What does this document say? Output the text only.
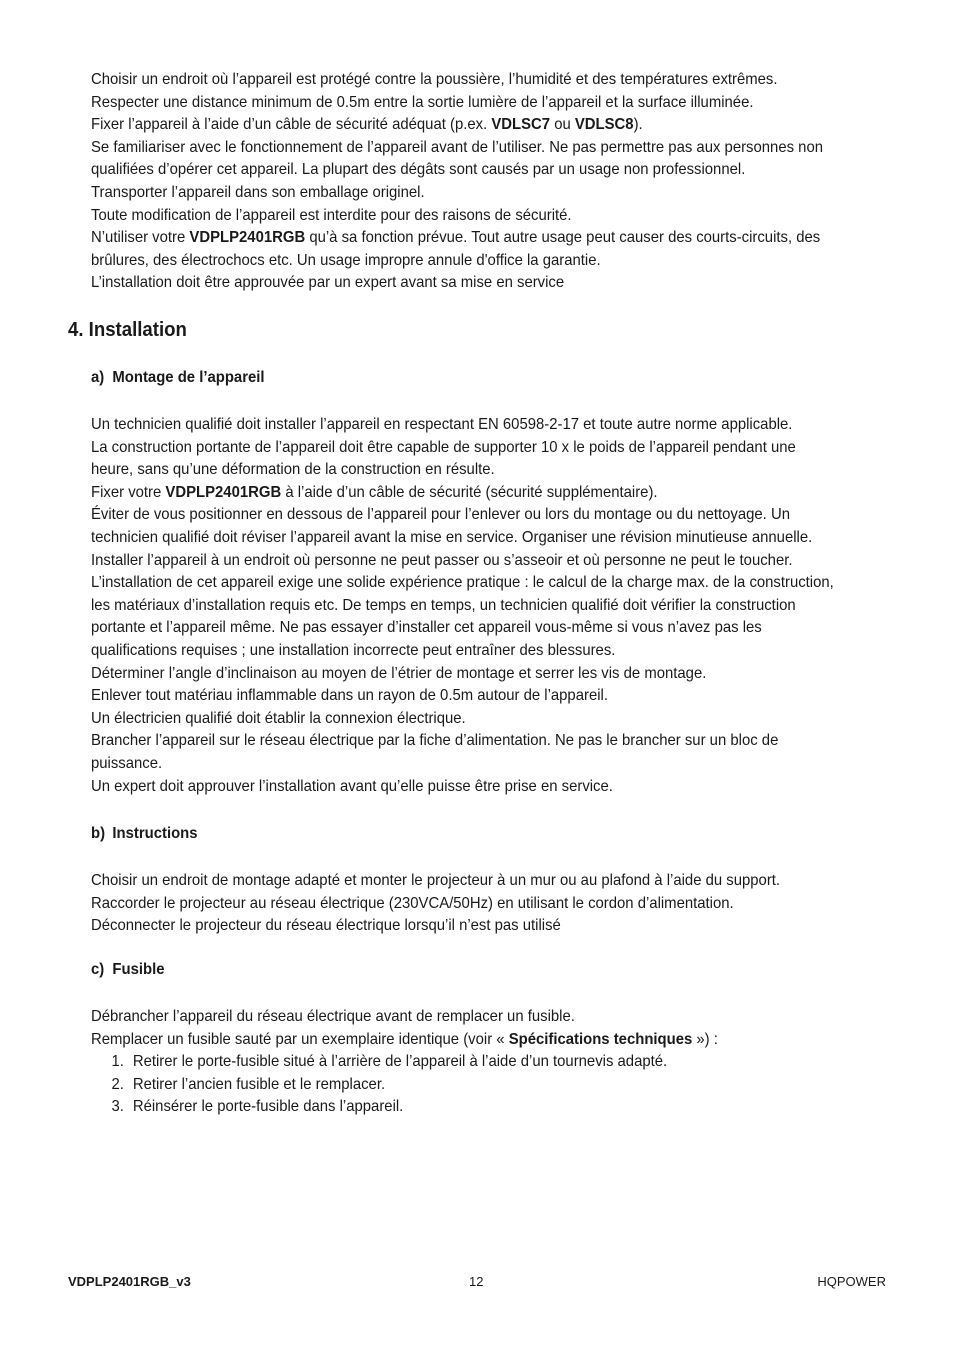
Choisir un endroit où l’appareil est protégé contre la poussière, l’humidité et des températures extrêmes.

Respecter une distance minimum de 0.5m entre la sortie lumière de l’appareil et la surface illuminée.

Fixer l’appareil à l’aide d’un câble de sécurité adéquat (p.ex. VDLSC7 ou VDLSC8).

Se familiariser avec le fonctionnement de l’appareil avant de l’utiliser. Ne pas permettre pas aux personnes non

qualifiées d’opérer cet appareil. La plupart des dégâts sont causés par un usage non professionnel.

Transporter l’appareil dans son emballage originel.

Toute modification de l’appareil est interdite pour des raisons de sécurité.

N’utiliser votre VDPLP2401RGB qu’à sa fonction prévue. Tout autre usage peut causer des courts-circuits, des

brûlures, des électrochocs etc. Un usage impropre annule d'office la garantie.

L’installation doit être approuvée par un expert avant sa mise en service

4. Installation
a) Montage de l’appareil

Un technicien qualifié doit installer l’appareil en respectant EN 60598-2-17 et toute autre norme applicable.

La construction portante de l’appareil doit être capable de supporter 10 x le poids de l’appareil pendant une

heure, sans qu’une déformation de la construction en résulte.

Fixer votre VDPLP2401RGB à l’aide d’un câble de sécurité (sécurité supplémentaire).

Éviter de vous positionner en dessous de l’appareil pour l’enlever ou lors du montage ou du nettoyage. Un

technicien qualifié doit réviser l’appareil avant la mise en service. Organiser une révision minutieuse annuelle.

Installer l’appareil à un endroit où personne ne peut passer ou s’asseoir et où personne ne peut le toucher.

L’installation de cet appareil exige une solide expérience pratique : le calcul de la charge max. de la construction,

les matériaux d’installation requis etc. De temps en temps, un technicien qualifié doit vérifier la construction

portante et l’appareil même. Ne pas essayer d’installer cet appareil vous-même si vous n’avez pas les

qualifications requises ; une installation incorrecte peut entraîner des blessures.

Déterminer l’angle d’inclinaison au moyen de l’étrier de montage et serrer les vis de montage.

Enlever tout matériau inflammable dans un rayon de 0.5m autour de l’appareil.

Un électricien qualifié doit établir la connexion électrique.

Brancher l’appareil sur le réseau électrique par la fiche d’alimentation. Ne pas le brancher sur un bloc de

puissance.

Un expert doit approuver l’installation avant qu’elle puisse être prise en service.

b) Instructions

Choisir un endroit de montage adapté et monter le projecteur à un mur ou au plafond à l’aide du support.

Raccorder le projecteur au réseau électrique (230VCA/50Hz) en utilisant le cordon d’alimentation.

Déconnecter le projecteur du réseau électrique lorsqu’il n’est pas utilisé

c) Fusible

Débrancher l’appareil du réseau électrique avant de remplacer un fusible.

Remplacer un fusible sauté par un exemplaire identique (voir « Spécifications techniques ») :

1. Retirer le porte-fusible situé à l’arrière de l’appareil à l’aide d’un tournevis adapté.
2. Retirer l’ancien fusible et le remplacer.
3. Réinsérer le porte-fusible dans l’appareil.
VDPLP2401RGB_v3	12	HQPOWER
